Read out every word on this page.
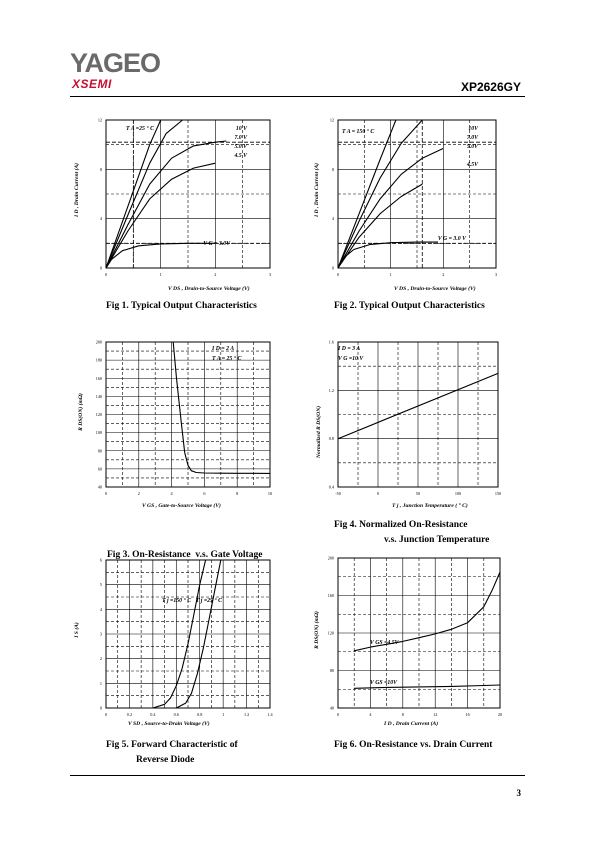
YAGEO
XSEMI	XP2626GY
0	1	2	3
0
4
8
12
T A =25 ° C	10 V
7.0 V
5.0 V
4.5 V
V G = 3.0V
V DS , Drain-to-Source Voltage (V)
I D , Drain Current (A)
0	1	2	3
0
4
8
12
T A = 150 ° C	10V
7.0V
5.0V
4.5V
V G = 3.0 V
V DS , Drain-to-Source Voltage (V)
I D , Drain Current (A)
0	2	4	6	8	10
40
60
80
100
120
140
160
180
200
I D = 2 A
T A = 25 ° C
V GS , Gate-to-Source Voltage (V)
R DS(ON) (mΩ)
-50	0	50	100	150
0.4
0.8
1.2
1.6
I D = 3 A
V G =10 V
T j , Junction Temperature ( ° C)
Normalized R DS(ON)
0	0.2	0.4	0.6	0.8	1	1.2	1.4
0
1
2
3
4
5
6
T j =150 ° C T j =25 ° C
V SD , Source-to-Drain Voltage (V)
I S (A)
0	4	8	12	16	20
40
80
120
160
200
V GS =4.5V
V GS =10V
I D , Drain Current (A)
R DS(ON) (mΩ)
Fig 1. Typical Output Characteristics	Fig 2. Typical Output Characteristics

Fig 3. On-Resistance  v.s. Gate Voltage

Fig 4. Normalized On-Resistance
v.s. Junction Temperature
Fig 5. Forward Characteristic of
Reverse Diode
Fig 6. On-Resistance vs. Drain Current
3
